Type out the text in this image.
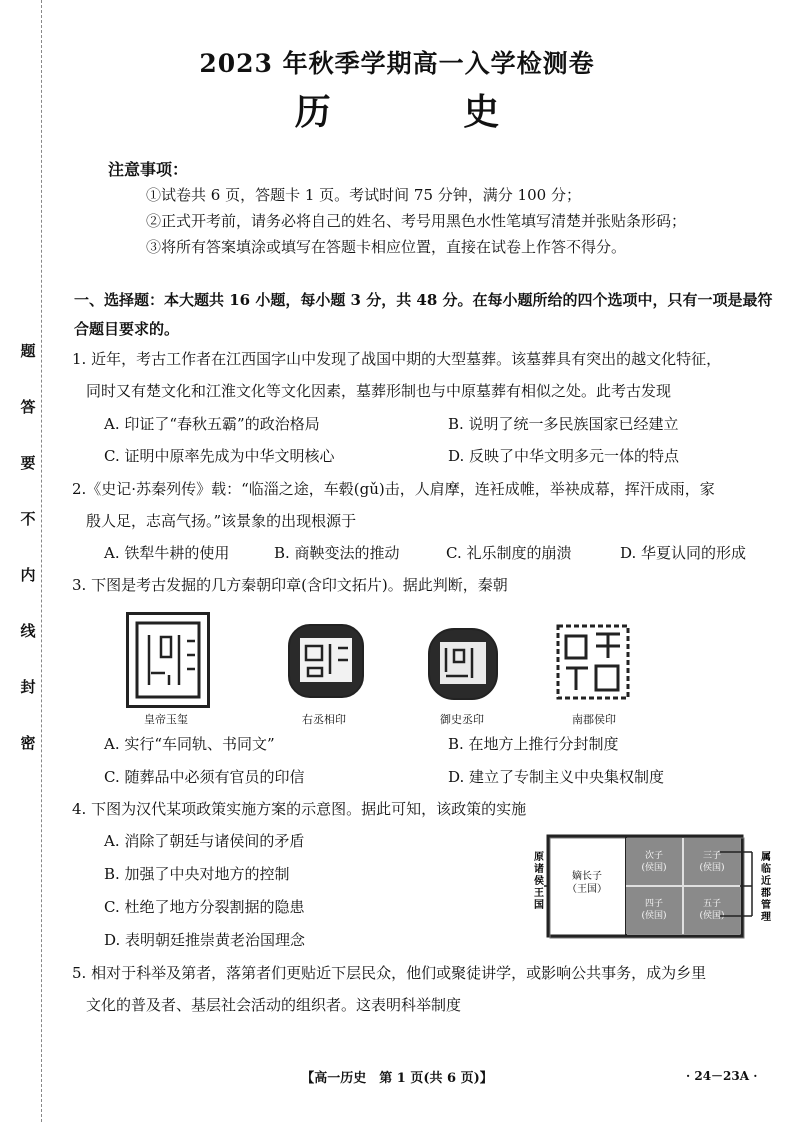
密
封
线
内
不
要
答
题
2023 年秋季学期高一入学检测卷
历 史
注意事项：
①试卷共 6 页，答题卡 1 页。考试时间 75 分钟，满分 100 分；
②正式开考前，请务必将自己的姓名、考号用黑色水性笔填写清楚并张贴条形码；
③将所有答案填涂或填写在答题卡相应位置，直接在试卷上作答不得分。
一、选择题：本大题共 16 小题，每小题 3 分，共 48 分。在每小题所给的四个选项中，只有一项是最符合题目要求的。
1. 近年，考古工作者在江西国字山中发现了战国中期的大型墓葬。该墓葬具有突出的越文化特征，
同时又有楚文化和江淮文化等文化因素，墓葬形制也与中原墓葬有相似之处。此考古发现
A. 印证了“春秋五霸”的政治格局	B. 说明了统一多民族国家已经建立
C. 证明中原率先成为中华文明核心	D. 反映了中华文明多元一体的特点
2.《史记·苏秦列传》载：“临淄之途，车毂(gǔ)击，人肩摩，连衽成帷，举袂成幕，挥汗成雨，家
殷人足，志高气扬。”该景象的出现根源于
A. 铁犁牛耕的使用	B. 商鞅变法的推动	C. 礼乐制度的崩溃	D. 华夏认同的形成
3. 下图是考古发掘的几方秦朝印章(含印文拓片)。据此判断，秦朝
皇帝玉玺	右丞相印	御史丞印	南郡侯印
A. 实行“车同轨、书同文”	B. 在地方上推行分封制度
C. 随葬品中必须有官员的印信	D. 建立了专制主义中央集权制度
4. 下图为汉代某项政策实施方案的示意图。据此可知，该政策的实施
A. 消除了朝廷与诸侯间的矛盾
B. 加强了中央对地方的控制
C. 杜绝了地方分裂割据的隐患
D. 表明朝廷推崇黄老治国理念
嫡长子（王国）
次子(侯国)
三子(侯国)
四子(侯国)
五子(侯国)
原
诸
侯
王
国
属
临
近
郡
管
理
5. 相对于科举及第者，落第者们更贴近下层民众，他们或聚徒讲学，或影响公共事务，成为乡里
文化的普及者、基层社会活动的组织者。这表明科举制度
【高一历史　第 1 页(共 6 页)】	· 24－23A ·
